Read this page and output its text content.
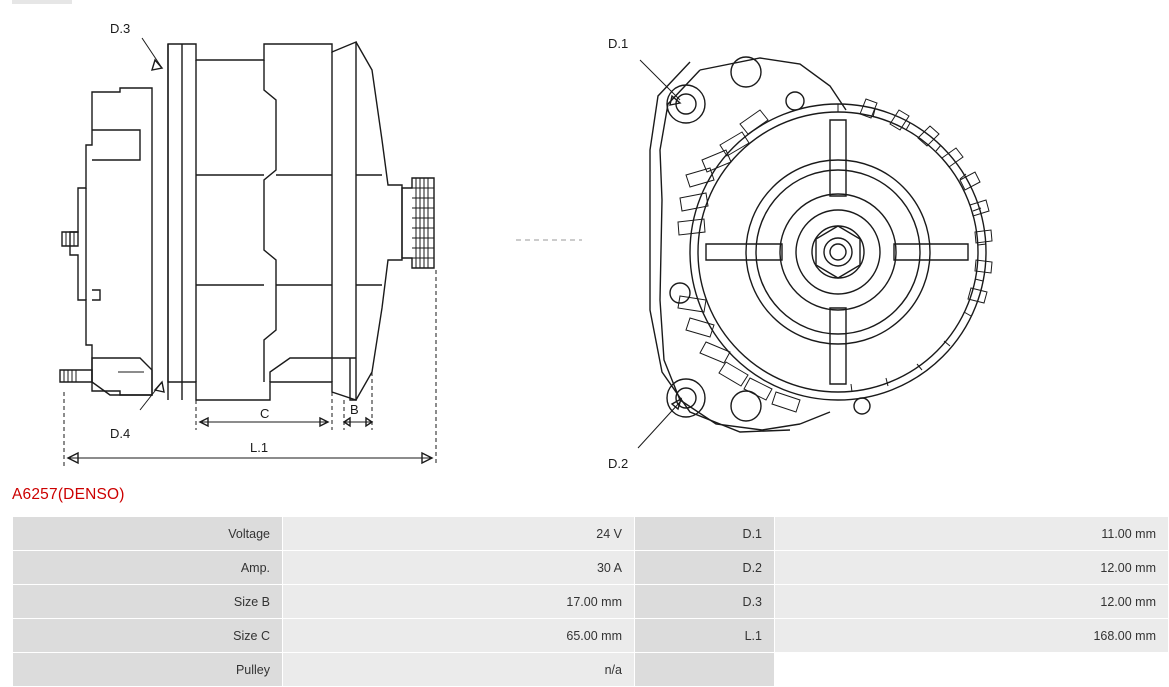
D.3
D.4
C	B
L.1
D.1
D.2
A6257(DENSO)
Voltage	24 V	D.1	11.00 mm
Amp.	30 A	D.2	12.00 mm
Size B	17.00 mm	D.3	12.00 mm
Size C	65.00 mm	L.1	168.00 mm
Pulley	n/a		
